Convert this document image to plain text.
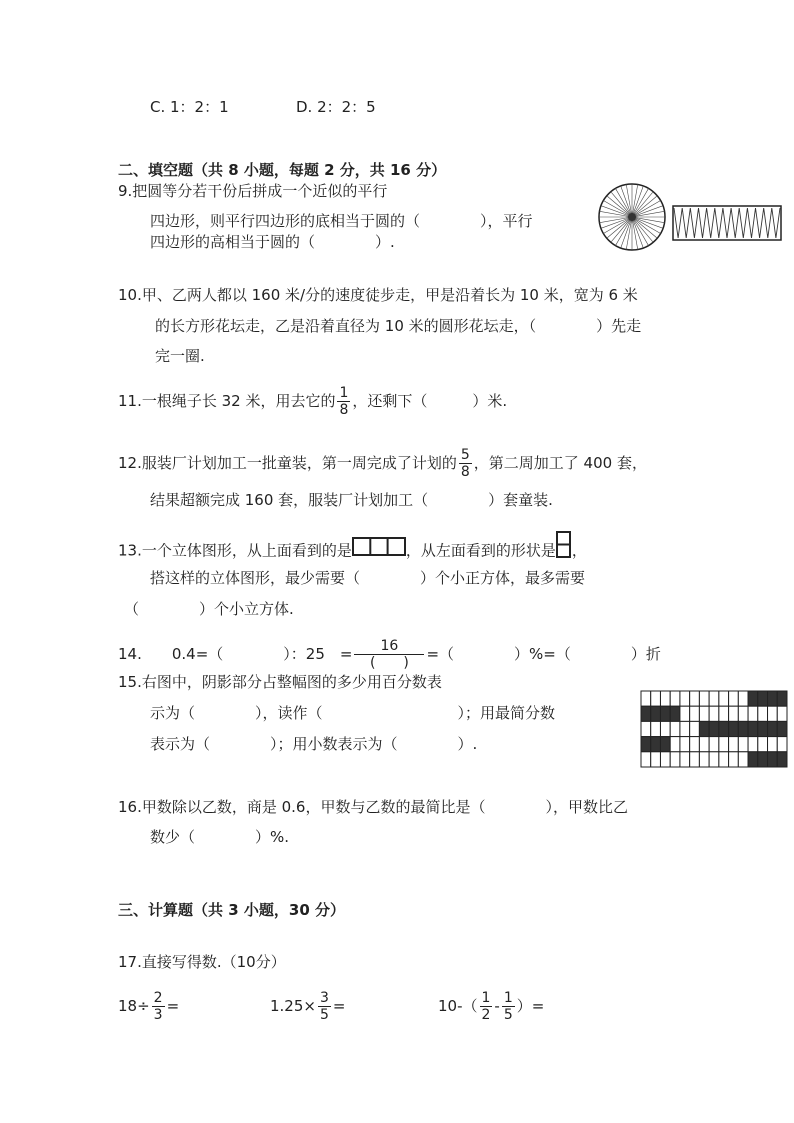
C. 1：2：1	D. 2：2：5
二、填空题（共 8 小题，每题 2 分，共 16 分）
9.把圆等分若干份后拼成一个近似的平行
四边形，则平行四边形的底相当于圆的（　　　　），平行
四边形的高相当于圆的（　　　　）.
10.甲、乙两人都以 160 米/分的速度徒步走，甲是沿着长为 10 米，宽为 6 米
的长方形花坛走，乙是沿着直径为 10 米的圆形花坛走，（　　　　）先走
完一圈.
11.一根绳子长 32 米，用去它的 $\frac{1}{8}$ ，还剩下（　　　）米.
12.服装厂计划加工一批童装，第一周完成了计划的 $\frac{5}{8}$ ，第二周加工了 400 套，
结果超额完成 160 套，服装厂计划加工（　　　　）套童装.
13.一个立体图形，从上面看到的是	，从左面看到的形状是 ，
搭这样的立体图形，最少需要（　　　　）个小正方体，最多需要
（　　　　）个小立方体.
14.　　0.4=（　　　　）：25　= $\frac{16}{( )}$ =（　　　　）%=（　　　　）折
15.右图中，阴影部分占整幅图的多少用百分数表
示为（　　　　），读作（　　　　　　　　　）；用最简分数
表示为（　　　　）；用小数表示为（　　　　）.
16.甲数除以乙数，商是 0.6，甲数与乙数的最简比是（　　　　），甲数比乙
数少（　　　　）%.
三、计算题（共 3 小题，30 分）
17.直接写得数.（10分）
$18\div \frac{2}{3}$ =	$1.25\times \frac{3}{5}$ =	$10-( \frac{1}{2} - \frac{1}{5}$ ）=
